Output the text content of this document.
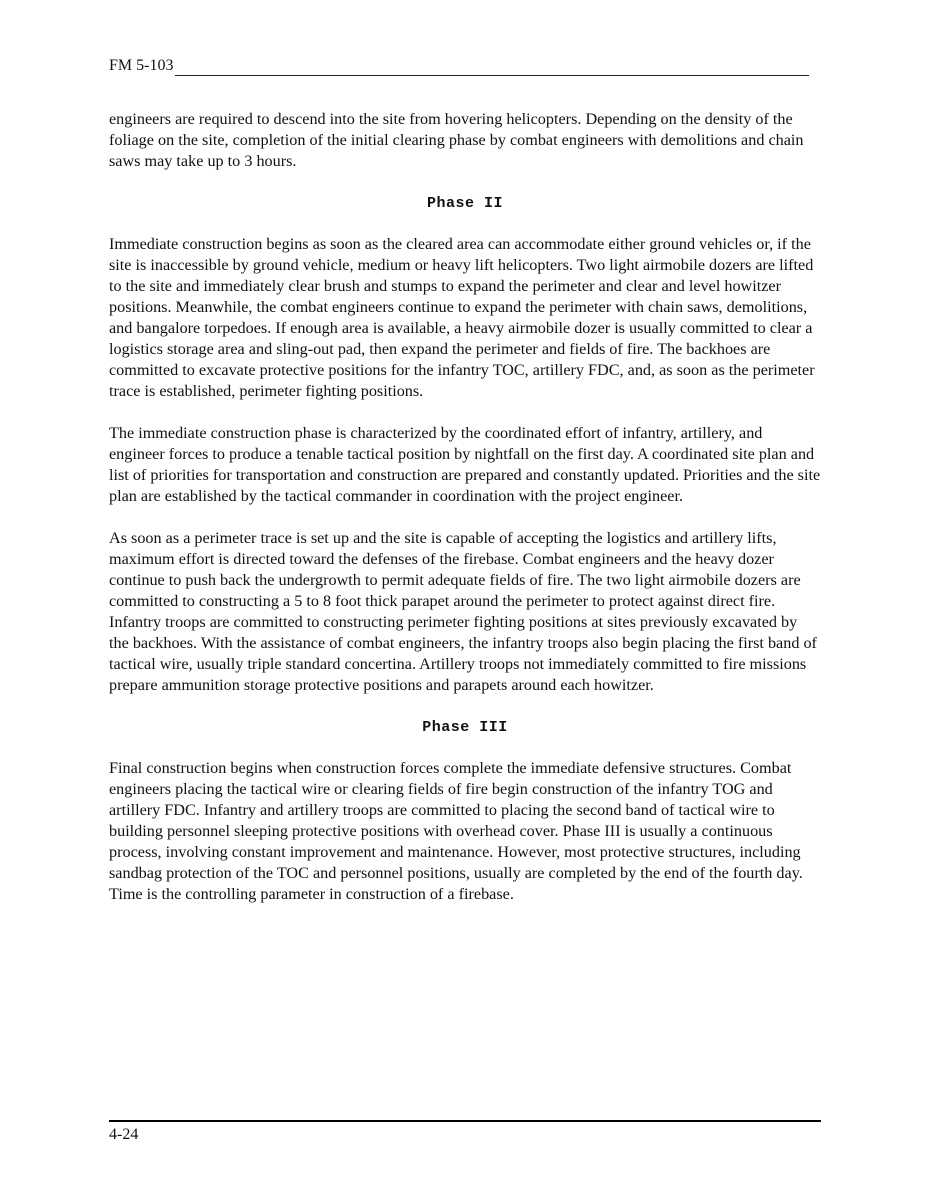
FM 5-103

engineers are required to descend into the site from hovering helicopters. Depending on the density of the foliage on the site, completion of the initial clearing phase by combat engineers with demolitions and chain saws may take up to 3 hours.

Phase II

Immediate construction begins as soon as the cleared area can accommodate either ground vehicles or, if the site is inaccessible by ground vehicle, medium or heavy lift helicopters. Two light airmobile dozers are lifted to the site and immediately clear brush and stumps to expand the perimeter and clear and level howitzer positions. Meanwhile, the combat engineers continue to expand the perimeter with chain saws, demolitions, and bangalore torpedoes. If enough area is available, a heavy airmobile dozer is usually committed to clear a logistics storage area and sling-out pad, then expand the perimeter and fields of fire. The backhoes are committed to excavate protective positions for the infantry TOC, artillery FDC, and, as soon as the perimeter trace is established, perimeter fighting positions.

The immediate construction phase is characterized by the coordinated effort of infantry, artillery, and engineer forces to produce a tenable tactical position by nightfall on the first day. A coordinated site plan and list of priorities for transportation and construction are prepared and constantly updated. Priorities and the site plan are established by the tactical commander in coordination with the project engineer.

As soon as a perimeter trace is set up and the site is capable of accepting the logistics and artillery lifts, maximum effort is directed toward the defenses of the firebase. Combat engineers and the heavy dozer continue to push back the undergrowth to permit adequate fields of fire. The two light airmobile dozers are committed to constructing a 5 to 8 foot thick parapet around the perimeter to protect against direct fire. Infantry troops are committed to constructing perimeter fighting positions at sites previously excavated by the backhoes. With the assistance of combat engineers, the infantry troops also begin placing the first band of tactical wire, usually triple standard concertina. Artillery troops not immediately committed to fire missions prepare ammunition storage protective positions and parapets around each howitzer.

Phase III

Final construction begins when construction forces complete the immediate defensive structures. Combat engineers placing the tactical wire or clearing fields of fire begin construction of the infantry TOG and artillery FDC. Infantry and artillery troops are committed to placing the second band of tactical wire to building personnel sleeping protective positions with overhead cover. Phase III is usually a continuous process, involving constant improvement and maintenance. However, most protective structures, including sandbag protection of the TOC and personnel positions, usually are completed by the end of the fourth day. Time is the controlling parameter in construction of a firebase.

4-24
